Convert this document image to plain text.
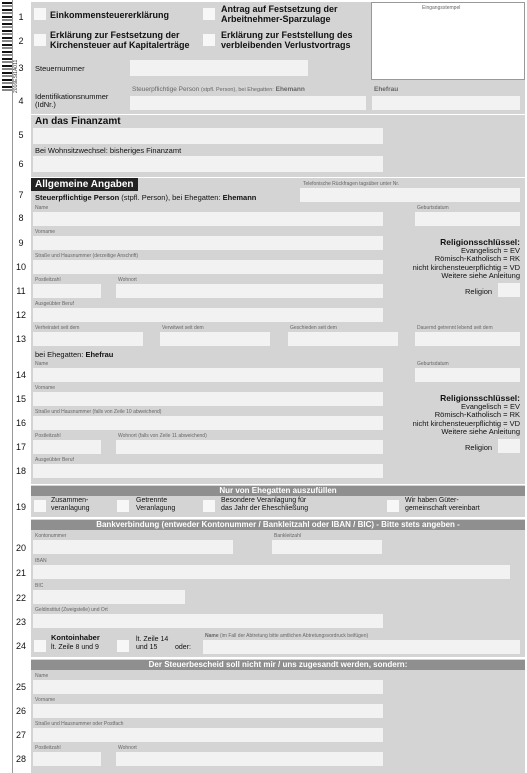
2016ESt1A011
1
2
3
4
5
6
7
8
9
10
11
12
13
14
15
16
17
18
19
20
21
22
23
24
25
26
27
28
Eingangsstempel
Einkommensteuererklärung
Antrag auf Festsetzung der
Arbeitnehmer-Sparzulage
Erklärung zur Festsetzung der
Kirchensteuer auf Kapitalerträge
Erklärung zur Feststellung des
verbleibenden Verlustvortrags
Steuernummer
Identifikationsnummer
(IdNr.)
Steuerpflichtige Person (stpfl. Person), bei Ehegatten: Ehemann	Ehefrau
An das Finanzamt
Bei Wohnsitzwechsel: bisheriges Finanzamt
Allgemeine Angaben	Telefonische Rückfragen tagsüber unter Nr.
Steuerpflichtige Person (stpfl. Person), bei Ehegatten: Ehemann
Name	Geburtsdatum
Vorname
Religionsschlüssel:
Evangelisch = EV
Römisch-Katholisch = RK
nicht kirchensteuerpflichtig = VD
Weitere siehe Anleitung
Straße und Hausnummer (derzeitige Anschrift)
Postleitzahl	Wohnort
Religion
Ausgeübter Beruf
Verheiratet seit dem	Verwitwet seit dem	Geschieden seit dem	Dauernd getrennt lebend seit dem
bei Ehegatten: Ehefrau
Name	Geburtsdatum
Vorname
Religionsschlüssel:
Evangelisch = EV
Römisch-Katholisch = RK
nicht kirchensteuerpflichtig = VD
Weitere siehe Anleitung
Straße und Hausnummer (falls von Zeile 10 abweichend)
Postleitzahl	Wohnort (falls von Zeile 11 abweichend)
Religion
Ausgeübter Beruf
Nur von Ehegatten auszufüllen
Zusammen-
veranlagung
Getrennte
Veranlagung
Besondere Veranlagung für
das Jahr der Eheschließung
Wir haben Güter-
gemeinschaft vereinbart
Bankverbindung (entweder Kontonummer / Bankleitzahl oder IBAN / BIC) - Bitte stets angeben -
Kontonummer	Bankleitzahl
IBAN
BIC
Geldinstitut (Zweigstelle) und Ort
Kontoinhaber
lt. Zeile 8 und 9
lt. Zeile 14
und 15	oder:
Name (im Fall der Abtretung bitte amtlichen Abtretungsvordruck beifügen)
Der Steuerbescheid soll nicht mir / uns zugesandt werden, sondern:
Name
Vorname
Straße und Hausnummer oder Postfach
Postleitzahl	Wohnort
